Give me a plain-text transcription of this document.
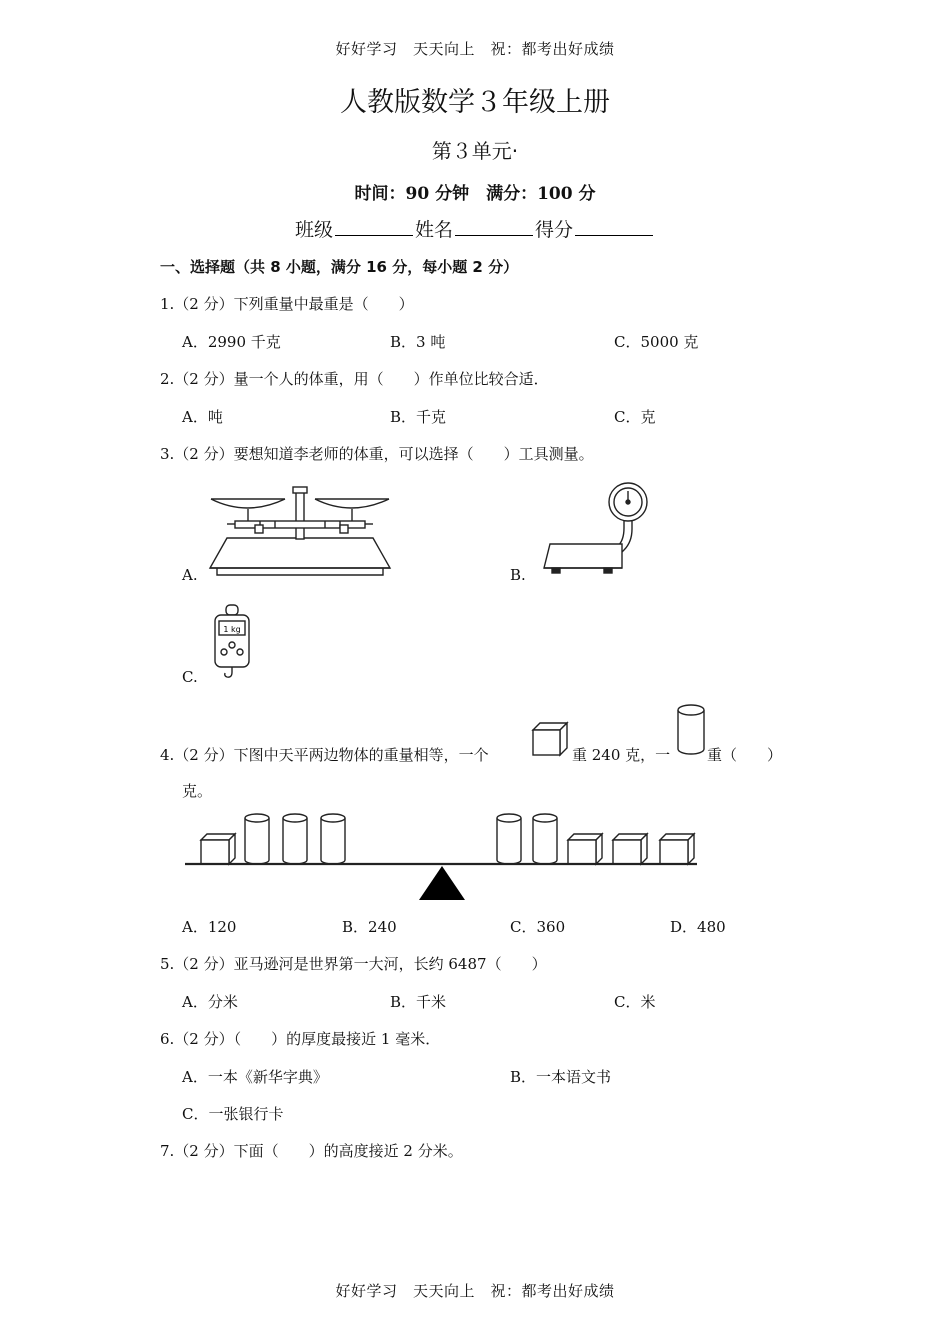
好好学习　天天向上　祝：都考出好成绩
人教版数学３年级上册
第３单元·
时间：90 分钟　满分：100 分
班级	姓名	得分
一、选择题（共 8 小题，满分 16 分，每小题 2 分）
1.（2 分）下列重量中最重是（　　）
A．2990 千克	B．3 吨	C．5000 克
2.（2 分）量一个人的体重，用（　　）作单位比较合适．
A．吨	B．千克	C．克
3.（2 分）要想知道李老师的体重，可以选择（　　）工具测量。
A.	B.
C.
1 kg
4.（2 分）下图中天平两边物体的重量相等，一个	重 240 克，一 重（　　）
克。
A．120	B．240	C．360	D．480
5.（2 分）亚马逊河是世界第一大河，长约 6487（　　）
A．分米	B．千米	C．米
6.（2 分）（　　）的厚度最接近 1 毫米．
A．一本《新华字典》	B．一本语文书
C．一张银行卡
7.（2 分）下面（　　）的高度接近 2 分米。
好好学习　天天向上　祝：都考出好成绩
